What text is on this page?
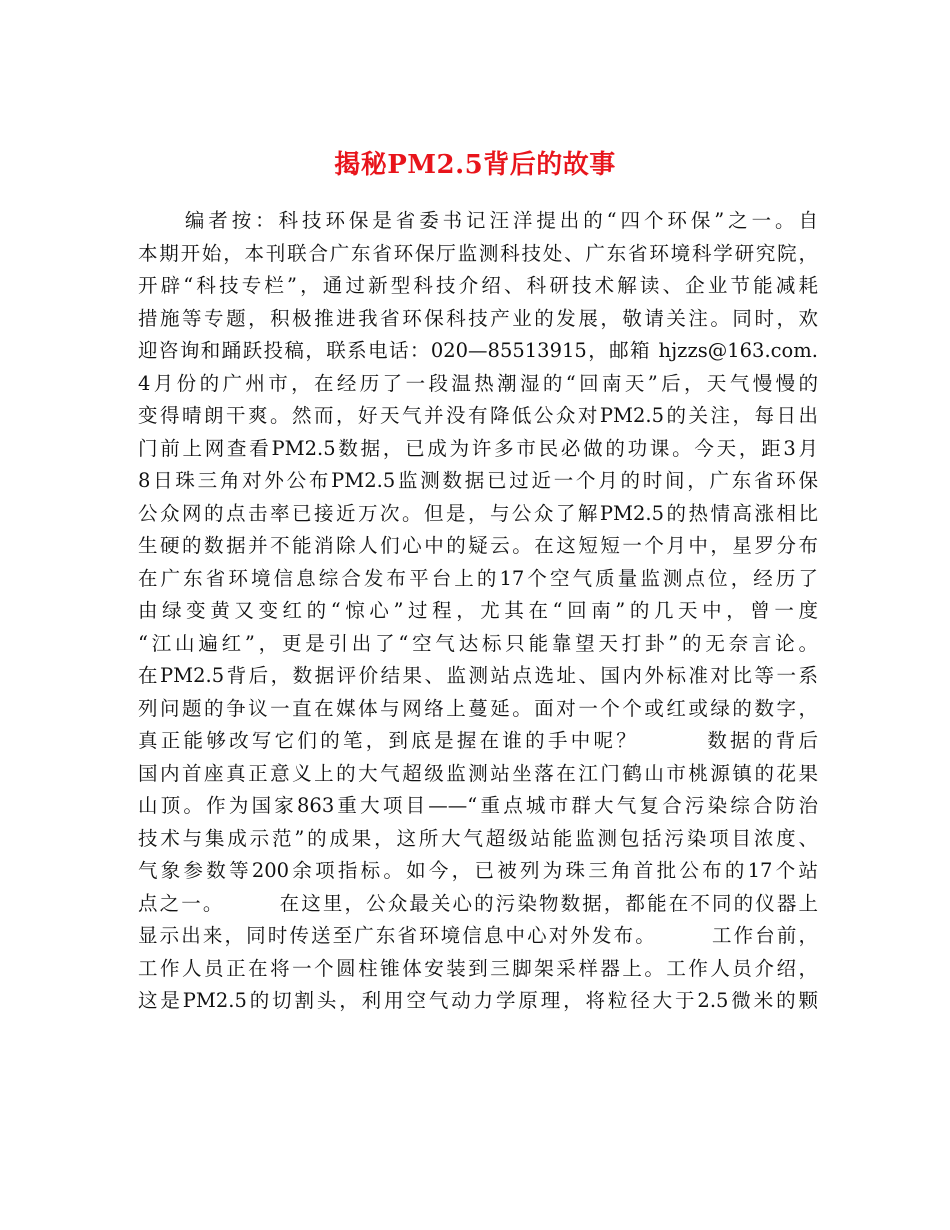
揭秘PM2.5背后的故事
　　编者按：科技环保是省委书记汪洋提出的“四个环保”之一。自
本期开始，本刊联合广东省环保厅监测科技处、广东省环境科学研究院，
开辟“科技专栏”，通过新型科技介绍、科研技术解读、企业节能减耗
措施等专题，积极推进我省环保科技产业的发展，敬请关注。同时，欢
迎咨询和踊跃投稿，联系电话：020—85513915，邮箱 hjzzs@163.com.
4月份的广州市，在经历了一段温热潮湿的“回南天”后，天气慢慢的
变得晴朗干爽。然而，好天气并没有降低公众对PM2.5的关注，每日出
门前上网查看PM2.5数据，已成为许多市民必做的功课。今天，距3月
8日珠三角对外公布PM2.5监测数据已过近一个月的时间，广东省环保
公众网的点击率已接近万次。但是，与公众了解PM2.5的热情高涨相比
生硬的数据并不能消除人们心中的疑云。在这短短一个月中，星罗分布
在广东省环境信息综合发布平台上的17个空气质量监测点位，经历了
由绿变黄又变红的“惊心”过程，尤其在“回南”的几天中，曾一度
“江山遍红”，更是引出了“空气达标只能靠望天打卦”的无奈言论。
在PM2.5背后，数据评价结果、监测站点选址、国内外标准对比等一系
列问题的争议一直在媒体与网络上蔓延。面对一个个或红或绿的数字，
真正能够改写它们的笔，到底是握在谁的手中呢？　　　数据的背后
国内首座真正意义上的大气超级监测站坐落在江门鹤山市桃源镇的花果
山顶。作为国家863重大项目——“重点城市群大气复合污染综合防治
技术与集成示范”的成果，这所大气超级站能监测包括污染项目浓度、
气象参数等200余项指标。如今，已被列为珠三角首批公布的17个站
点之一。　　　在这里，公众最关心的污染物数据，都能在不同的仪器上
显示出来，同时传送至广东省环境信息中心对外发布。　　　工作台前，
工作人员正在将一个圆柱锥体安装到三脚架采样器上。工作人员介绍，
这是PM2.5的切割头，利用空气动力学原理，将粒径大于2.5微米的颗
